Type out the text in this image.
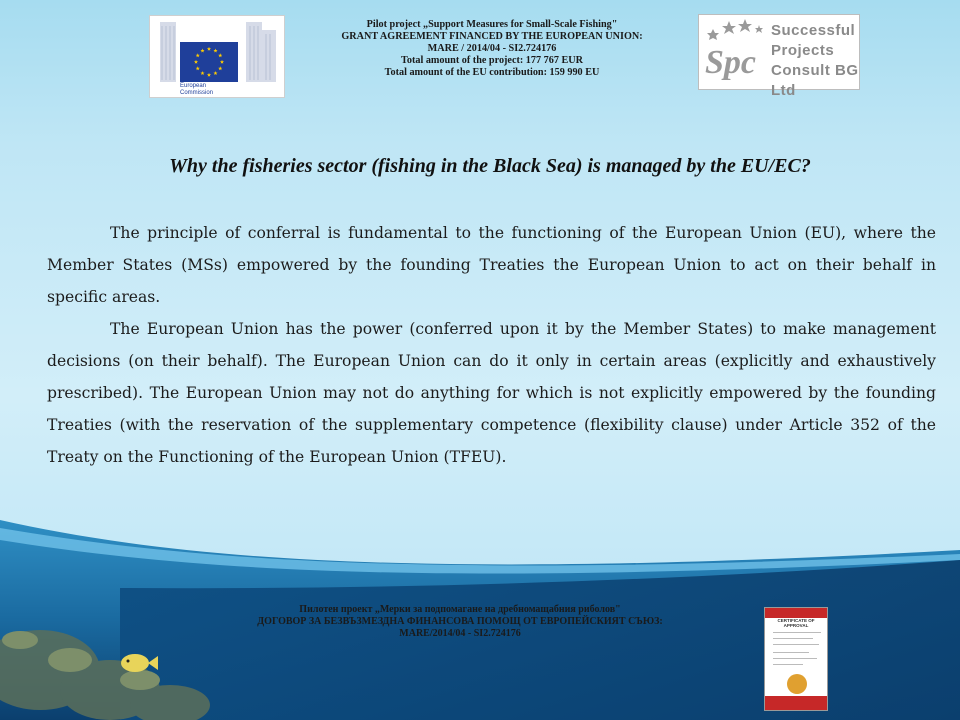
European
Commission
Pilot project „Support Measures for Small-Scale Fishing"
GRANT AGREEMENT FINANCED BY THE EUROPEAN UNION:
MARE / 2014/04 - SI2.724176
Total amount of the project: 177 767 EUR
Total amount of the EU contribution: 159 990 EU	Spc
Successful
Projects
Consult BG Ltd
Why the fisheries sector (fishing in the Black Sea) is managed by the EU/EC?

The principle of conferral is fundamental to the functioning of the European Union (EU), where the Member States (MSs) empowered by the founding Treaties the European Union to act on their behalf in specific areas.

The European Union has the power (conferred upon it by the Member States) to make management decisions (on their behalf). The European Union can do it only in certain areas (explicitly and exhaustively prescribed). The European Union may not do anything for which is not explicitly empowered by the founding Treaties (with the reservation of the supplementary competence (flexibility clause) under Article 352 of the Treaty on the Functioning of the European Union (TFEU).

Пилотен проект „Мерки за подпомагане на дребномащабния риболов"
ДОГОВОР ЗА БЕЗВЪЗМЕЗДНА ФИНАНСОВА ПОМОЩ ОТ ЕВРОПЕЙСКИЯТ СЪЮЗ:
MARE/2014/04 - SI2.724176
CERTIFICATE OF APPROVAL
